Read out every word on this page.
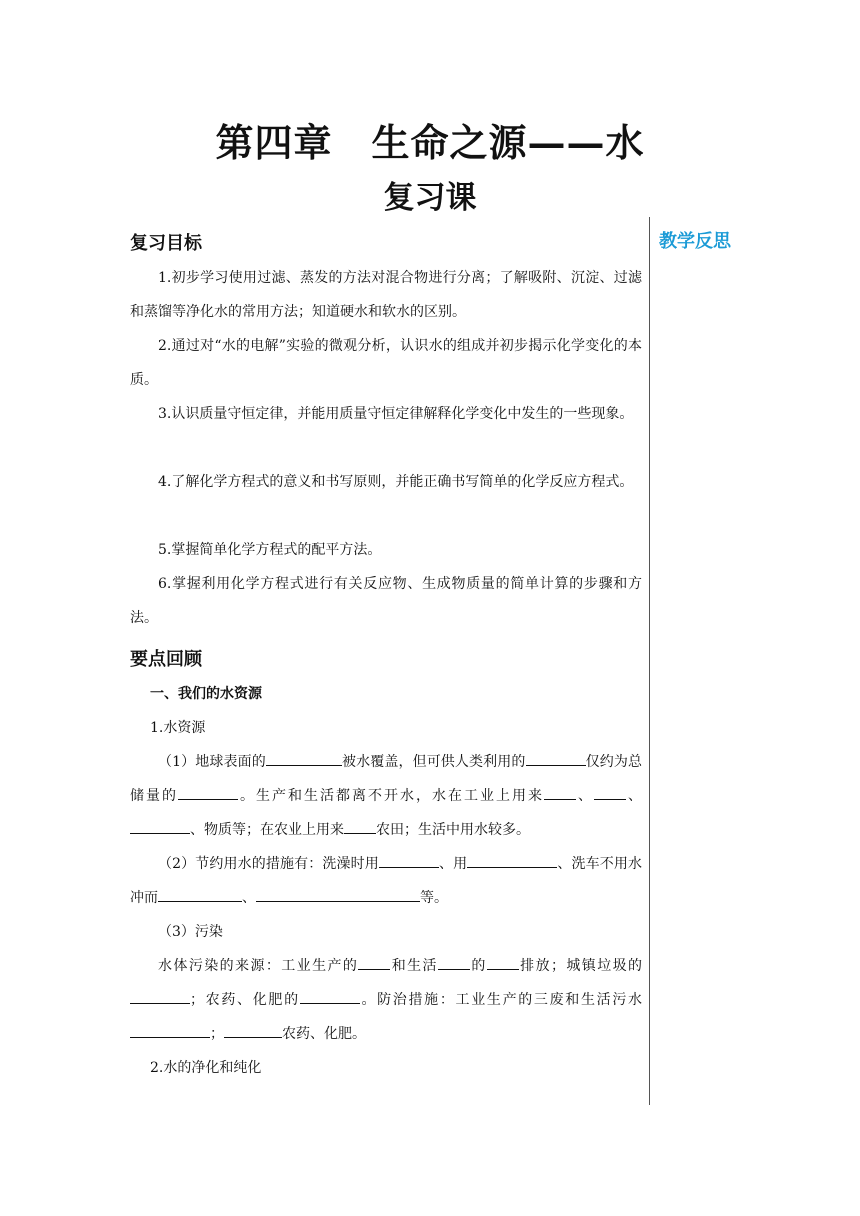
第四章　生命之源——水
复习课
教学反思
复习目标
1.初步学习使用过滤、蒸发的方法对混合物进行分离；了解吸附、沉淀、过滤和蒸馏等净化水的常用方法；知道硬水和软水的区别。
2.通过对“水的电解”实验的微观分析，认识水的组成并初步揭示化学变化的本质。
3.认识质量守恒定律，并能用质量守恒定律解释化学变化中发生的一些现象。
4.了解化学方程式的意义和书写原则，并能正确书写简单的化学反应方程式。
5.掌握简单化学方程式的配平方法。
6.掌握利用化学方程式进行有关反应物、生成物质量的简单计算的步骤和方法。
要点回顾
一、我们的水资源
1.水资源
（1）地球表面的	被水覆盖，但可供人类利用的	仅约为总储量的	。生产和生活都离不开水，水在工业上用来 、 、、物质等；在农业上用来 农田；生活中用水较多。
（2）节约用水的措施有：洗澡时用	、用	、洗车不用水冲而	、	等。
（3）污染
水体污染的来源：工业生产的 和生活 的 排放；城镇垃圾的；农药、化肥的	。防治措施：工业生产的三废和生活污水；	农药、化肥。
2.水的净化和纯化
